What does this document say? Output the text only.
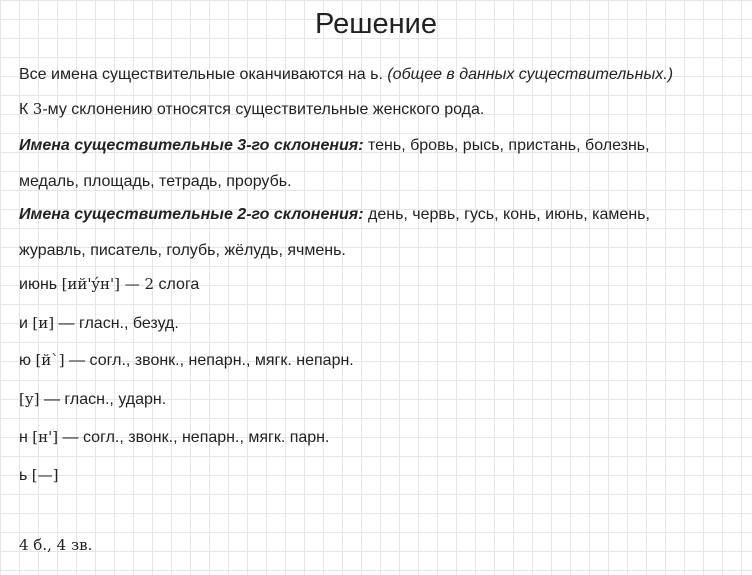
Решение
Все имена существительные оканчиваются на ь. (общее в данных существительных.)
К 3-му склонению относятся существительные женского рода.
Имена существительные 3-го склонения: тень, бровь, рысь, пристань, болезнь,
медаль, площадь, тетрадь, прорубь.
Имена существительные 2-го склонения: день, червь, гусь, конь, июнь, камень,
журавль, писатель, голубь, жёлудь, ячмень.
июнь [ий'ýн'] — 2 слога
и [и] — гласн., безуд.
ю [й`] — согл., звонк., непарн., мягк. непарн.
[у] — гласн., ударн.
н [н'] — согл., звонк., непарн., мягк. парн.
ь [—]
4 б., 4 зв.
